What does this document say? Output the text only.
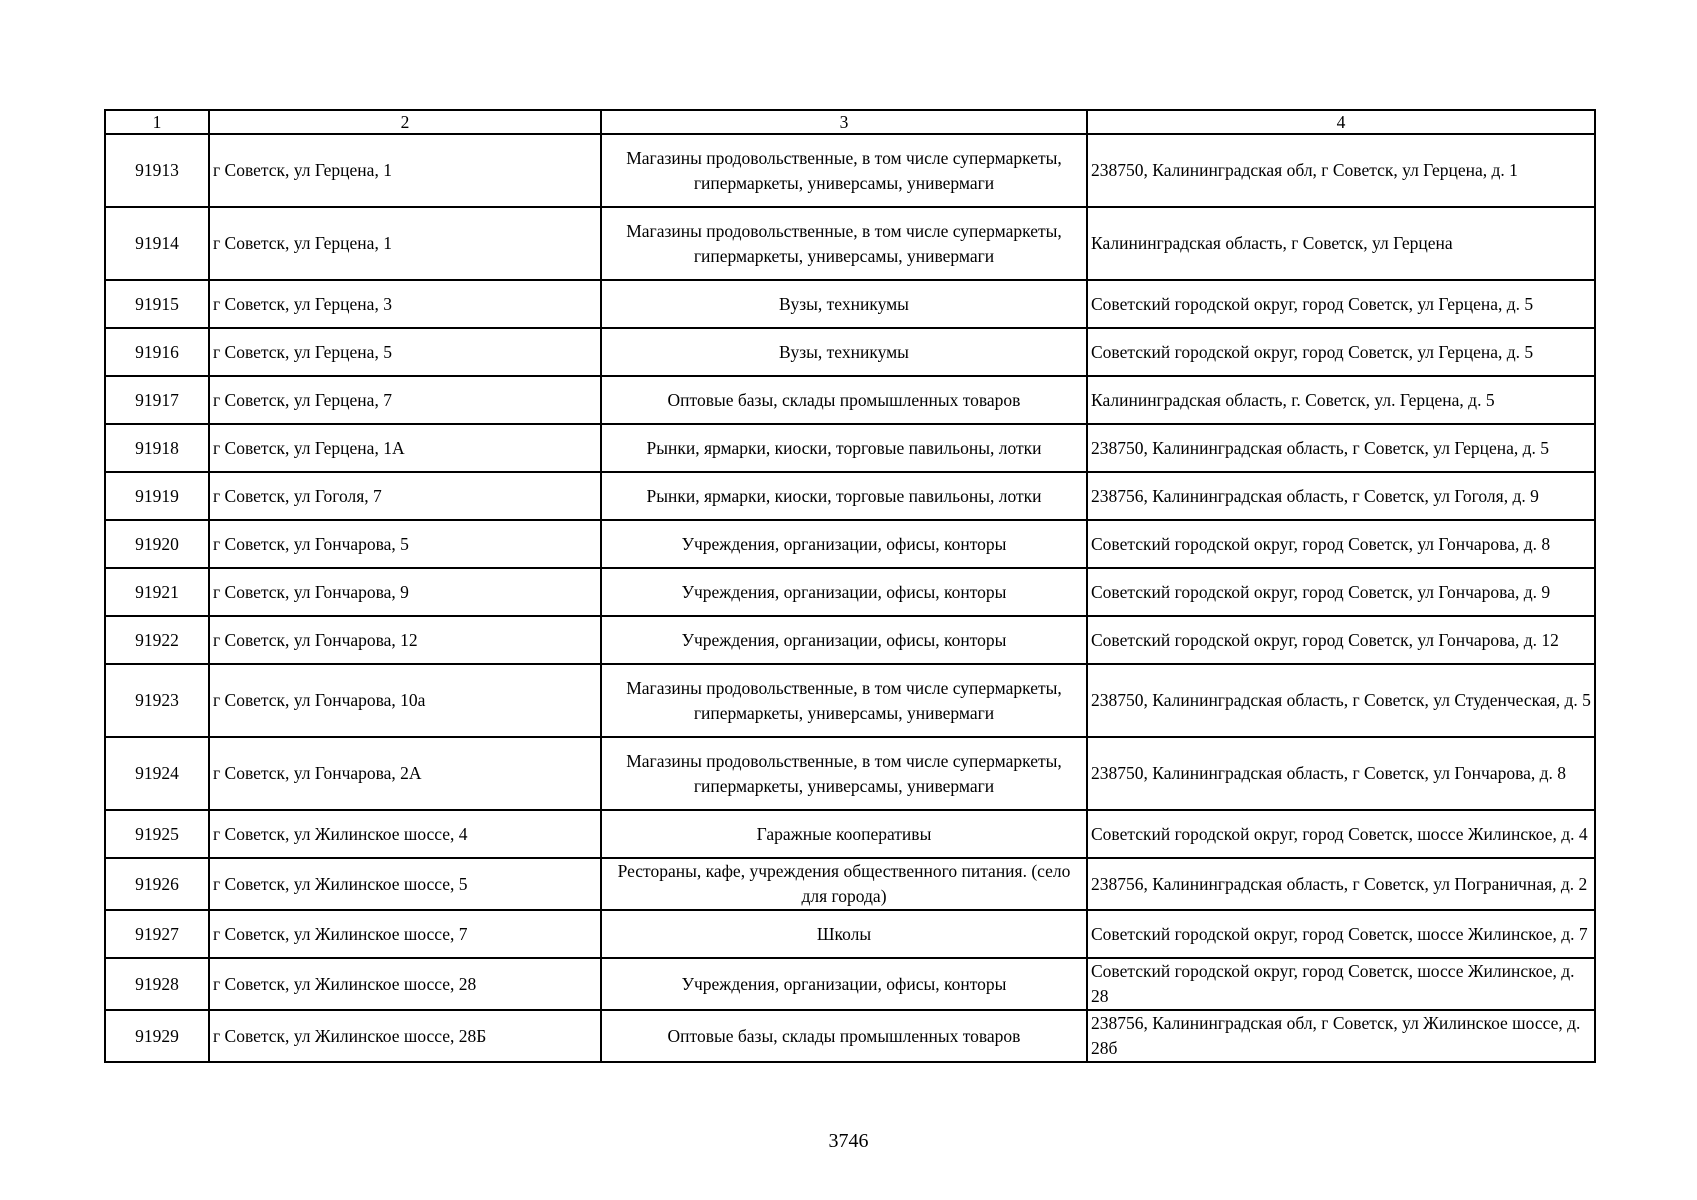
1	2	3	4
91913	г Советск, ул Герцена, 1	Магазины продовольственные, в том числе супермаркеты, гипермаркеты, универсамы, универмаги	238750, Калининградская обл, г Советск, ул Герцена, д. 1
91914	г Советск, ул Герцена, 1	Магазины продовольственные, в том числе супермаркеты, гипермаркеты, универсамы, универмаги	Калининградская область, г Советск, ул Герцена
91915	г Советск, ул Герцена, 3	Вузы, техникумы	Советский городской округ, город Советск, ул Герцена, д. 5
91916	г Советск, ул Герцена, 5	Вузы, техникумы	Советский городской округ, город Советск, ул Герцена, д. 5
91917	г Советск, ул Герцена, 7	Оптовые базы, склады промышленных товаров	Калининградская область, г. Советск, ул. Герцена, д. 5
91918	г Советск, ул Герцена, 1А	Рынки, ярмарки, киоски, торговые павильоны, лотки	238750, Калининградская область, г Советск, ул Герцена, д. 5
91919	г Советск, ул Гоголя, 7	Рынки, ярмарки, киоски, торговые павильоны, лотки	238756, Калининградская область, г Советск, ул Гоголя, д. 9
91920	г Советск, ул Гончарова, 5	Учреждения, организации, офисы, конторы	Советский городской округ, город Советск, ул Гончарова, д. 8
91921	г Советск, ул Гончарова, 9	Учреждения, организации, офисы, конторы	Советский городской округ, город Советск, ул Гончарова, д. 9
91922	г Советск, ул Гончарова, 12	Учреждения, организации, офисы, конторы	Советский городской округ, город Советск, ул Гончарова, д. 12
91923	г Советск, ул Гончарова, 10а	Магазины продовольственные, в том числе супермаркеты, гипермаркеты, универсамы, универмаги	238750, Калининградская область, г Советск, ул Студенческая, д. 5
91924	г Советск, ул Гончарова, 2А	Магазины продовольственные, в том числе супермаркеты, гипермаркеты, универсамы, универмаги	238750, Калининградская область, г Советск, ул Гончарова, д. 8
91925	г Советск, ул Жилинское шоссе, 4	Гаражные кооперативы	Советский городской округ, город Советск, шоссе Жилинское, д. 4
91926	г Советск, ул Жилинское шоссе, 5	Рестораны, кафе, учреждения общественного питания. (село для города)	238756, Калининградская область, г Советск, ул Пограничная, д. 2
91927	г Советск, ул Жилинское шоссе, 7	Школы	Советский городской округ, город Советск, шоссе Жилинское, д. 7
91928	г Советск, ул Жилинское шоссе, 28	Учреждения, организации, офисы, конторы	Советский городской округ, город Советск, шоссе Жилинское, д. 28
91929	г Советск, ул Жилинское шоссе, 28Б	Оптовые базы, склады промышленных товаров	238756, Калининградская обл, г Советск, ул Жилинское шоссе, д. 28б
3746
